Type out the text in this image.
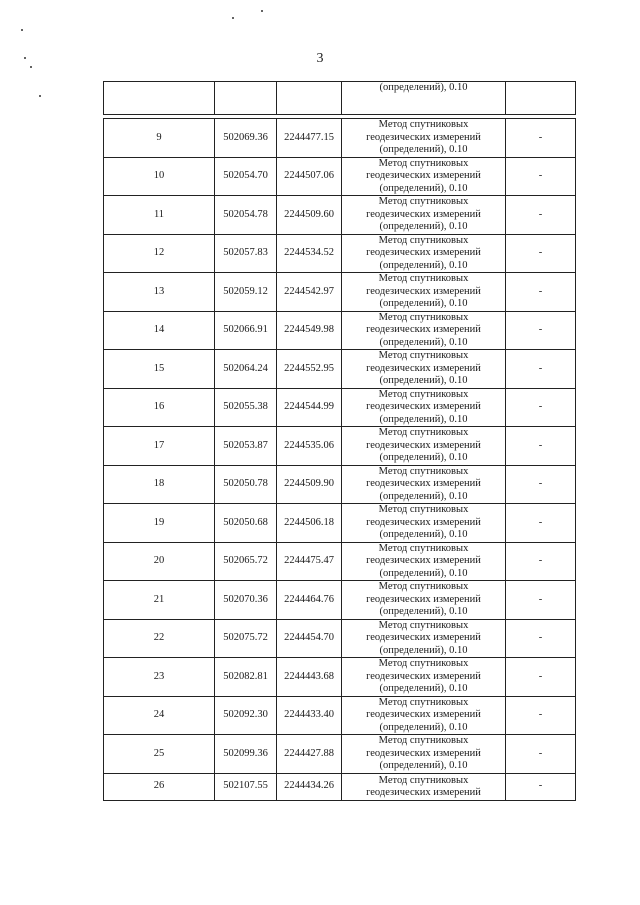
3
			(определений), 0.10	

9	502069.36	2244477.15	Метод спутниковых
геодезических измерений
(определений), 0.10	-
10	502054.70	2244507.06	Метод спутниковых
геодезических измерений
(определений), 0.10	-
11	502054.78	2244509.60	Метод спутниковых
геодезических измерений
(определений), 0.10	-
12	502057.83	2244534.52	Метод спутниковых
геодезических измерений
(определений), 0.10	-
13	502059.12	2244542.97	Метод спутниковых
геодезических измерений
(определений), 0.10	-
14	502066.91	2244549.98	Метод спутниковых
геодезических измерений
(определений), 0.10	-
15	502064.24	2244552.95	Метод спутниковых
геодезических измерений
(определений), 0.10	-
16	502055.38	2244544.99	Метод спутниковых
геодезических измерений
(определений), 0.10	-
17	502053.87	2244535.06	Метод спутниковых
геодезических измерений
(определений), 0.10	-
18	502050.78	2244509.90	Метод спутниковых
геодезических измерений
(определений), 0.10	-
19	502050.68	2244506.18	Метод спутниковых
геодезических измерений
(определений), 0.10	-
20	502065.72	2244475.47	Метод спутниковых
геодезических измерений
(определений), 0.10	-
21	502070.36	2244464.76	Метод спутниковых
геодезических измерений
(определений), 0.10	-
22	502075.72	2244454.70	Метод спутниковых
геодезических измерений
(определений), 0.10	-
23	502082.81	2244443.68	Метод спутниковых
геодезических измерений
(определений), 0.10	-
24	502092.30	2244433.40	Метод спутниковых
геодезических измерений
(определений), 0.10	-
25	502099.36	2244427.88	Метод спутниковых
геодезических измерений
(определений), 0.10	-
26	502107.55	2244434.26	Метод спутниковых
геодезических измерений	-
